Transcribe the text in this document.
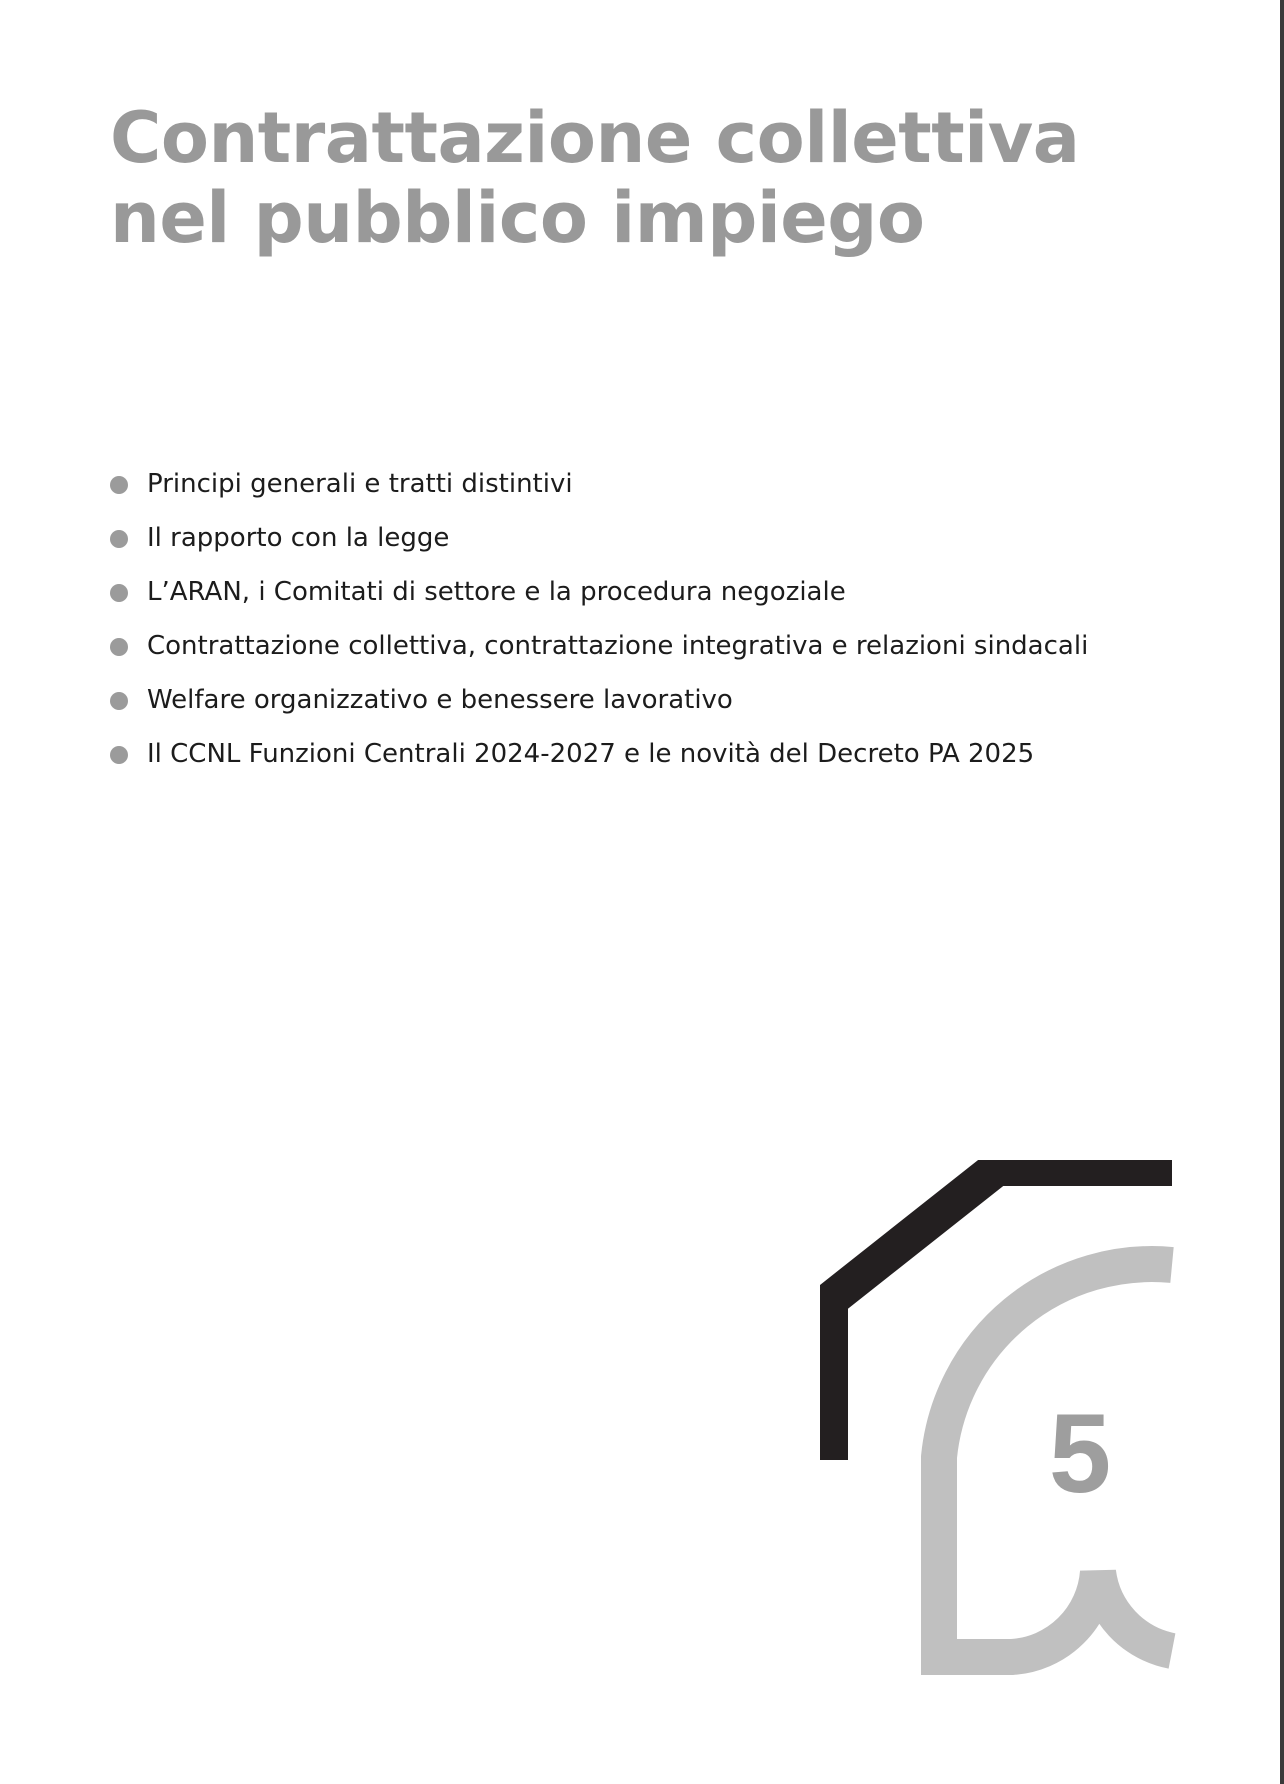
Contrattazione collettiva
nel pubblico impiego
Principi generali e tratti distintivi
Il rapporto con la legge
L’ARAN, i Comitati di settore e la procedura negoziale
Contrattazione collettiva, contrattazione integrativa e relazioni sindacali
Welfare organizzativo e benessere lavorativo
Il CCNL Funzioni Centrali 2024-2027 e le novità del Decreto PA 2025
5
